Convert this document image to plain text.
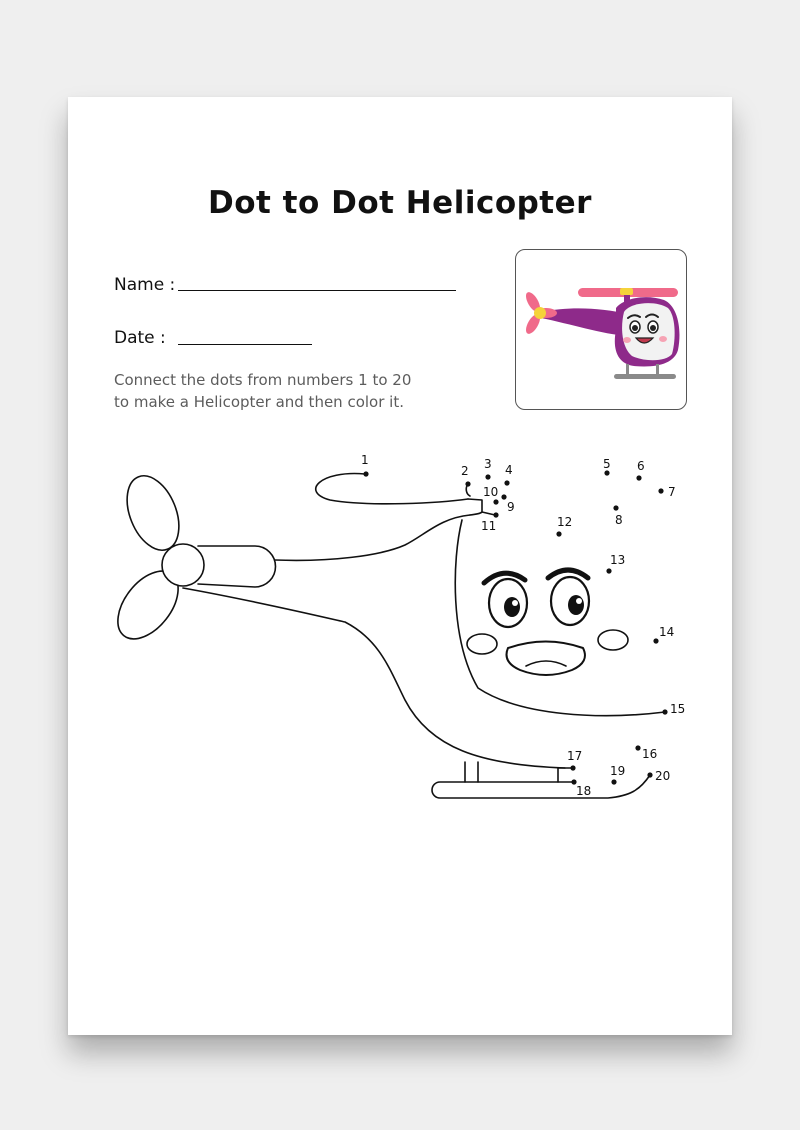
Dot to Dot Helicopter
Name :
Date :
Connect the dots from numbers 1 to 20
to make a Helicopter and then color it.
1
2 3 4	5 6
7
8
9
10
11	12
13
14
15
16
17
18
19 20
